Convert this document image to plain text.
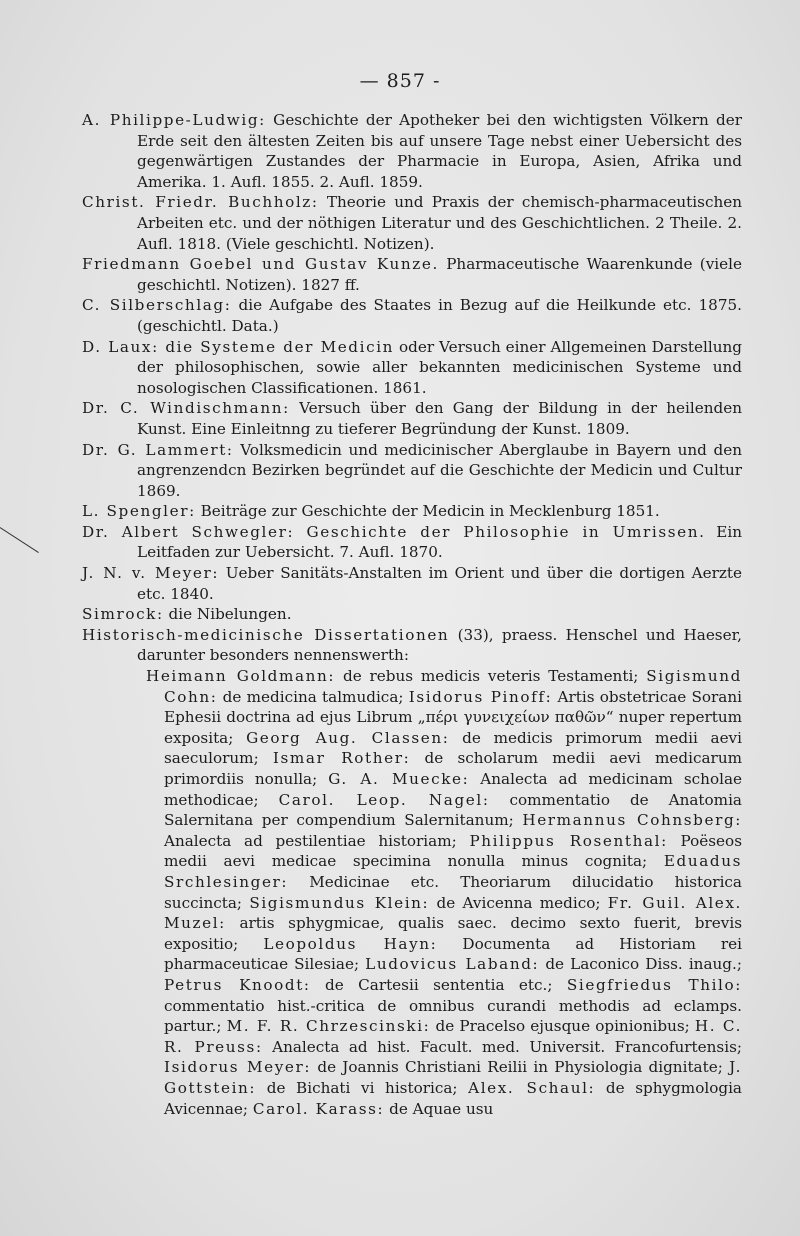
— 857 -

A. Philippe-Ludwig: Geschichte der Apotheker bei den wichtigsten Völkern der Erde seit den ältesten Zeiten bis auf unsere Tage nebst einer Uebersicht des gegenwärtigen Zustandes der Pharmacie in Europa, Asien, Afrika und Amerika. 1. Aufl. 1855. 2. Aufl. 1859.

Christ. Friedr. Buchholz: Theorie und Praxis der chemisch-pharmaceutischen Arbeiten etc. und der nöthigen Literatur und des Geschichtlichen. 2 Theile. 2. Aufl. 1818. (Viele geschichtl. Notizen).

Friedmann Goebel und Gustav Kunze. Pharmaceutische Waarenkunde (viele geschichtl. Notizen). 1827 ff.

C. Silberschlag: die Aufgabe des Staates in Bezug auf die Heilkunde etc. 1875. (geschichtl. Data.)

D. Laux: die Systeme der Medicin oder Versuch einer Allgemeinen Darstellung der philosophischen, sowie aller bekannten medicinischen Systeme und nosologischen Classificationen. 1861.

Dr. C. Windischmann: Versuch über den Gang der Bildung in der heilenden Kunst. Eine Einleitnng zu tieferer Begründung der Kunst. 1809.

Dr. G. Lammert: Volksmedicin und medicinischer Aberglaube in Bayern und den angrenzendcn Bezirken begründet auf die Geschichte der Medicin und Cultur 1869.

L. Spengler: Beiträge zur Geschichte der Medicin in Mecklenburg 1851.

Dr. Albert Schwegler: Geschichte der Philosophie in Umrissen. Ein Leitfaden zur Uebersicht. 7. Aufl. 1870.

J. N. v. Meyer: Ueber Sanitäts-Anstalten im Orient und über die dortigen Aerzte etc. 1840.

Simrock: die Nibelungen.

Historisch-medicinische Dissertationen (33), praess. Henschel und Haeser, darunter besonders nennenswerth:

Heimann Goldmann: de rebus medicis veteris Testamenti; Sigismund Cohn: de medicina talmudica; Isidorus Pinoff: Artis obstetricae Sorani Ephesii doctrina ad ejus Librum „πέρι γυνειχείων παθῶν“ nuper repertum exposita; Georg Aug. Classen: de medicis primorum medii aevi saeculorum; Ismar Rother: de scholarum medii aevi medicarum primordiis nonulla; G. A. Muecke: Analecta ad medicinam scholae methodicae; Carol. Leop. Nagel: commentatio de Anatomia Salernitana per compendium Salernitanum; Hermannus Cohnsberg: Analecta ad pestilentiae historiam; Philippus Rosenthal: Poëseos medii aevi medicae specimina nonulla minus cognita; Eduadus Srchlesinger: Medicinae etc. Theoriarum dilucidatio historica succincta; Sigismundus Klein: de Avicenna medico; Fr. Guil. Alex. Muzel: artis sphygmicae, qualis saec. decimo sexto fuerit, brevis expositio; Leopoldus Hayn: Documenta ad Historiam rei pharmaceuticae Silesiae; Ludovicus Laband: de Laconico Diss. inaug.; Petrus Knoodt: de Cartesii sententia etc.; Siegfriedus Thilo: commentatio hist.-critica de omnibus curandi methodis ad eclamps. partur.; M. F. R. Chrzescinski: de Pracelso ejusque opinionibus; H. C. R. Preuss: Analecta ad hist. Facult. med. Universit. Francofurtensis; Isidorus Meyer: de Joannis Christiani Reilii in Physiologia dignitate; J. Gottstein: de Bichati vi historica; Alex. Schaul: de sphygmologia Avicennae; Carol. Karass: de Aquae usu
